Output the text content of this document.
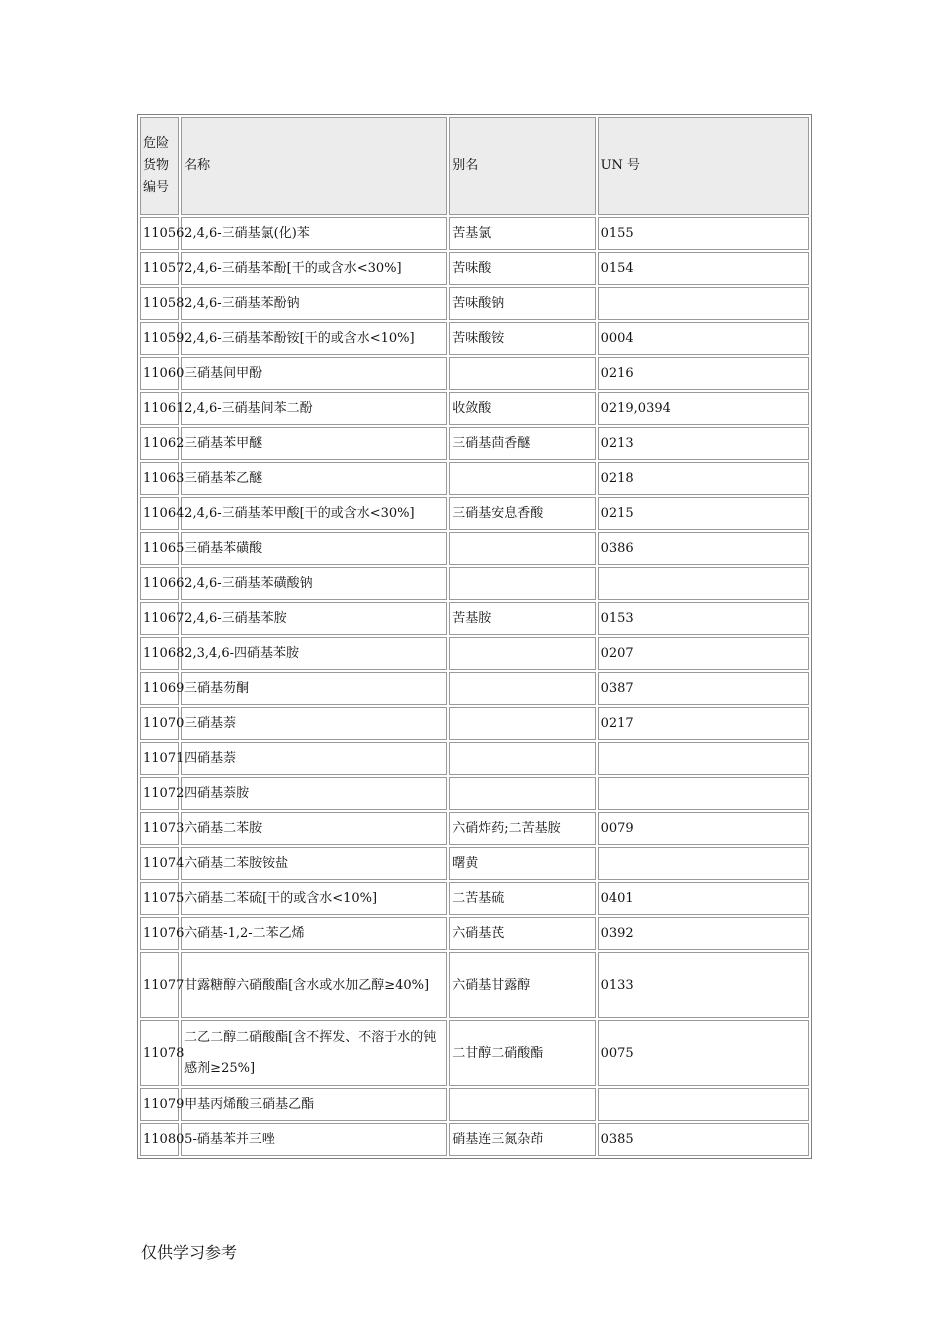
危险货物编号	名称	别名	UN 号
11056	2,4,6-三硝基氯(化)苯	苦基氯	0155
11057	2,4,6-三硝基苯酚[干的或含水<30%]	苦味酸	0154
11058	2,4,6-三硝基苯酚钠	苦味酸钠	
11059	2,4,6-三硝基苯酚铵[干的或含水<10%]	苦味酸铵	0004
11060	三硝基间甲酚		0216
11061	2,4,6-三硝基间苯二酚	收敛酸	0219,0394
11062	三硝基苯甲醚	三硝基茴香醚	0213
11063	三硝基苯乙醚		0218
11064	2,4,6-三硝基苯甲酸[干的或含水<30%]	三硝基安息香酸	0215
11065	三硝基苯磺酸		0386
11066	2,4,6-三硝基苯磺酸钠		
11067	2,4,6-三硝基苯胺	苦基胺	0153
11068	2,3,4,6-四硝基苯胺		0207
11069	三硝基芴酮		0387
11070	三硝基萘		0217
11071	四硝基萘		
11072	四硝基萘胺		
11073	六硝基二苯胺	六硝炸药;二苦基胺	0079
11074	六硝基二苯胺铵盐	曙黄	
11075	六硝基二苯硫[干的或含水<10%]	二苦基硫	0401
11076	六硝基-1,2-二苯乙烯	六硝基芪	0392
11077	甘露糖醇六硝酸酯[含水或水加乙醇≥40%]	六硝基甘露醇	0133
11078	二乙二醇二硝酸酯[含不挥发、不溶于水的钝感剂≥25%]	二甘醇二硝酸酯	0075
11079	甲基丙烯酸三硝基乙酯		
11080	5-硝基苯并三唑	硝基连三氮杂茚	0385
仅供学习参考
